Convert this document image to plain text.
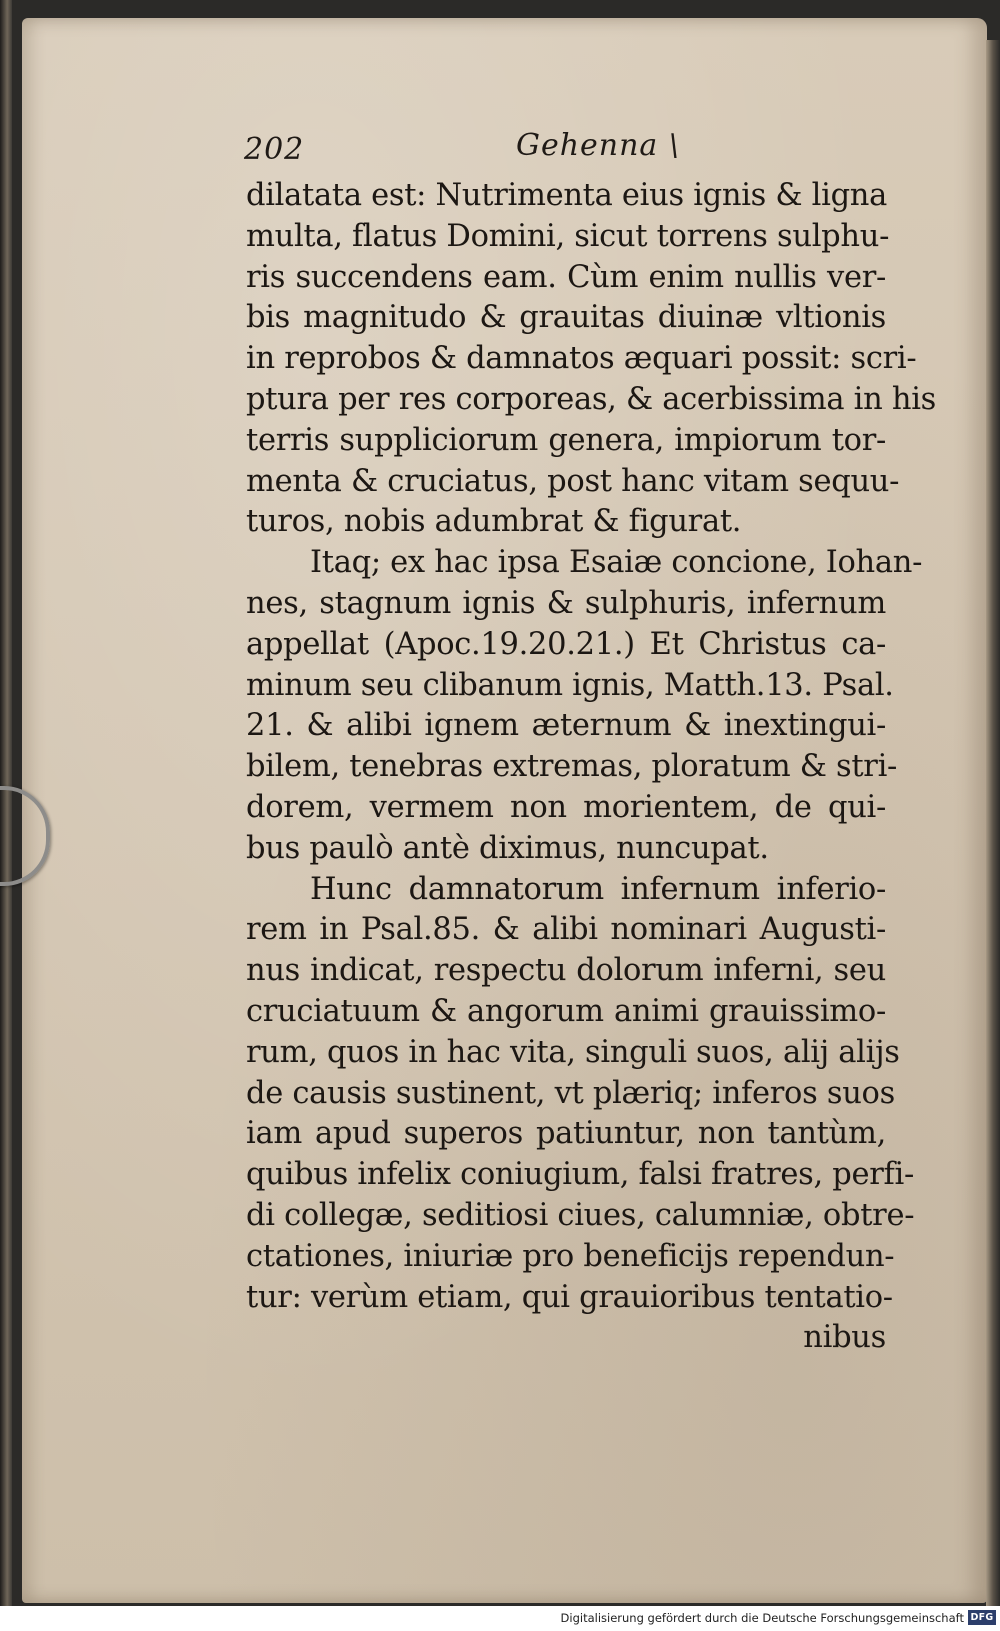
202	Gehenna \
dilatata est: Nutrimenta eius ignis & ligna
multa, flatus Domini, sicut torrens sulphu-
ris succendens eam. Cùm enim nullis ver-
bis magnitudo & grauitas diuinæ vltionis
in reprobos & damnatos æquari possit: scri-
ptura per res corporeas, & acerbissima in his
terris suppliciorum genera, impiorum tor-
menta & cruciatus, post hanc vitam sequu-
turos, nobis adumbrat & figurat.
Itaq; ex hac ipsa Esaiæ concione, Iohan-
nes, stagnum ignis & sulphuris, infernum
appellat (Apoc.19.20.21.) Et Christus ca-
minum seu clibanum ignis, Matth.13. Psal.
21. & alibi ignem æternum & inextingui-
bilem, tenebras extremas, ploratum & stri-
dorem, vermem non morientem, de qui-
bus paulò antè diximus, nuncupat.
Hunc damnatorum infernum inferio-
rem in Psal.85. & alibi nominari Augusti-
nus indicat, respectu dolorum inferni, seu
cruciatuum & angorum animi grauissimo-
rum, quos in hac vita, singuli suos, alij alijs
de causis sustinent, vt plæriq; inferos suos
iam apud superos patiuntur, non tantùm,
quibus infelix coniugium, falsi fratres, perfi-
di collegæ, seditiosi ciues, calumniæ, obtre-
ctationes, iniuriæ pro beneficijs rependun-
tur: verùm etiam, qui grauioribus tentatio-
nibus
Digitalisierung gefördert durch die Deutsche Forschungsgemeinschaft DFG
